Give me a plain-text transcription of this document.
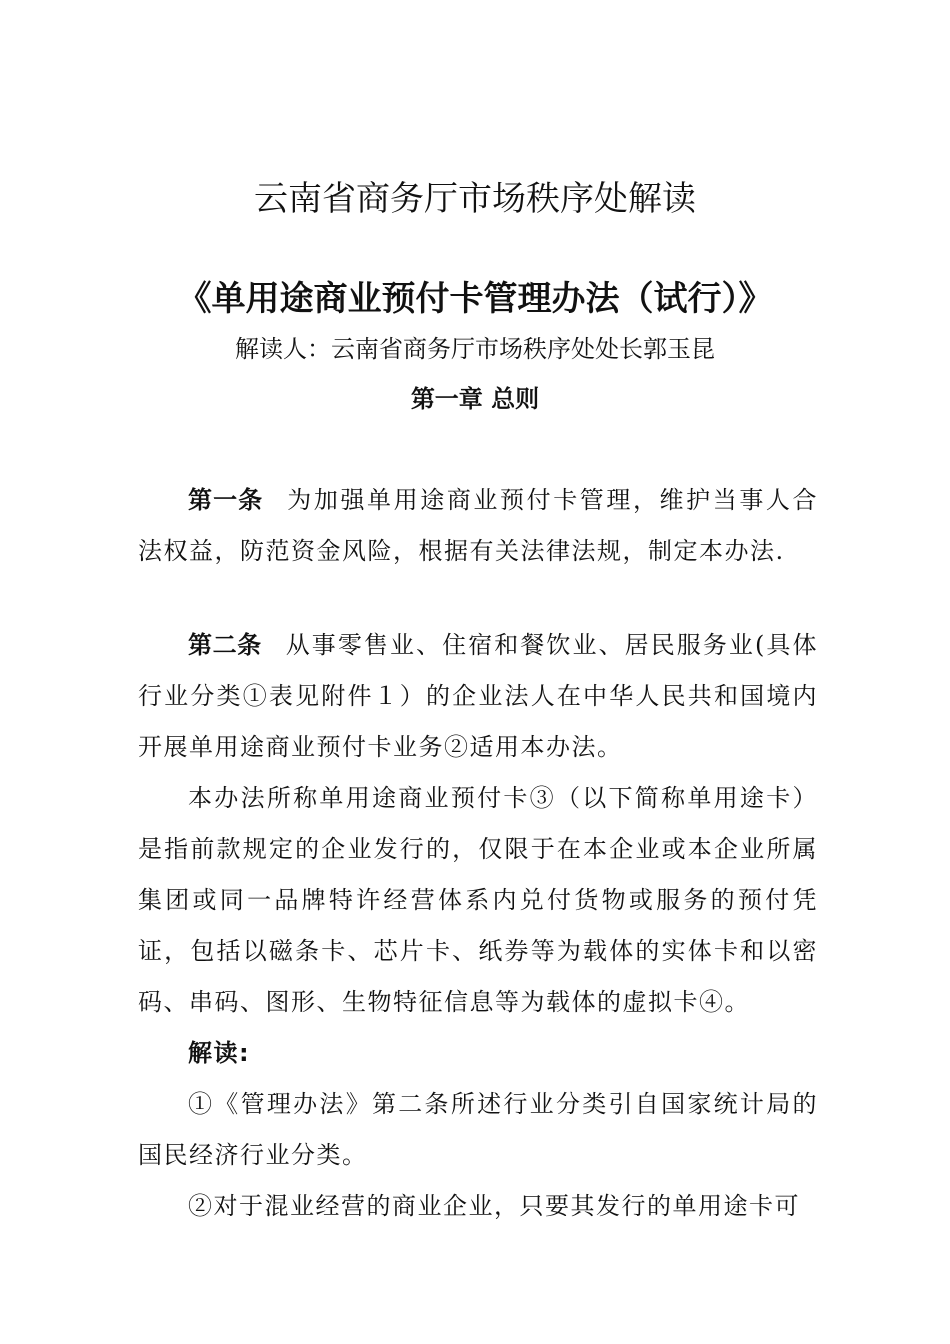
云南省商务厅市场秩序处解读
《单用途商业预付卡管理办法（试行）》
解读人：云南省商务厅市场秩序处处长郭玉昆
第一章 总则

第一条 为加强单用途商业预付卡管理，维护当事人合法权益，防范资金风险，根据有关法律法规，制定本办法.

第二条 从事零售业、住宿和餐饮业、居民服务业(具体行业分类①表见附件１）的企业法人在中华人民共和国境内开展单用途商业预付卡业务②适用本办法。

本办法所称单用途商业预付卡③（以下简称单用途卡）是指前款规定的企业发行的，仅限于在本企业或本企业所属集团或同一品牌特许经营体系内兑付货物或服务的预付凭证，包括以磁条卡、芯片卡、纸券等为载体的实体卡和以密码、串码、图形、生物特征信息等为载体的虚拟卡④。

解读:

①《管理办法》第二条所述行业分类引自国家统计局的国民经济行业分类。

②对于混业经营的商业企业，只要其发行的单用途卡可
